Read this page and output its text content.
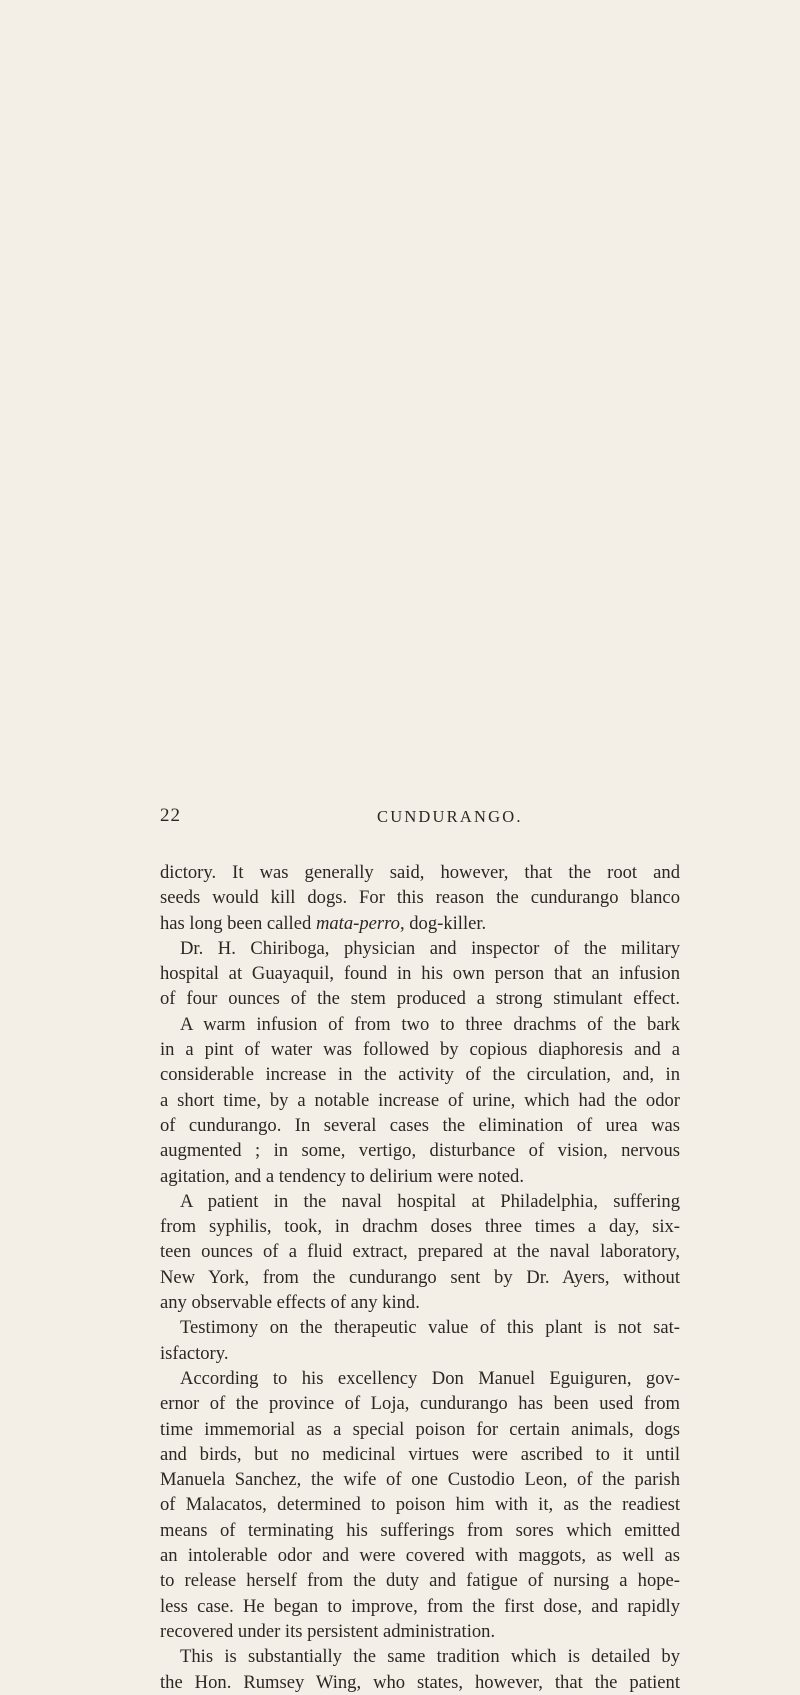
22	CUNDURANGO.
dictory. It was generally said, however, that the root and
seeds would kill dogs. For this reason the cundurango blanco
has long been called mata-perro, dog-killer.
Dr. H. Chiriboga, physician and inspector of the military
hospital at Guayaquil, found in his own person that an infusion
of four ounces of the stem produced a strong stimulant effect.
A warm infusion of from two to three drachms of the bark
in a pint of water was followed by copious diaphoresis and a
considerable increase in the activity of the circulation, and, in
a short time, by a notable increase of urine, which had the odor
of cundurango. In several cases the elimination of urea was
augmented ; in some, vertigo, disturbance of vision, nervous
agitation, and a tendency to delirium were noted.
A patient in the naval hospital at Philadelphia, suffering
from syphilis, took, in drachm doses three times a day, six-
teen ounces of a fluid extract, prepared at the naval laboratory,
New York, from the cundurango sent by Dr. Ayers, without
any observable effects of any kind.
Testimony on the therapeutic value of this plant is not sat-
isfactory.
According to his excellency Don Manuel Eguiguren, gov-
ernor of the province of Loja, cundurango has been used from
time immemorial as a special poison for certain animals, dogs
and birds, but no medicinal virtues were ascribed to it until
Manuela Sanchez, the wife of one Custodio Leon, of the parish
of Malacatos, determined to poison him with it, as the readiest
means of terminating his sufferings from sores which emitted
an intolerable odor and were covered with maggots, as well as
to release herself from the duty and fatigue of nursing a hope-
less case. He began to improve, from the first dose, and rapidly
recovered under its persistent administration.
This is substantially the same tradition which is detailed by
the Hon. Rumsey Wing, who states, however, that the patient
